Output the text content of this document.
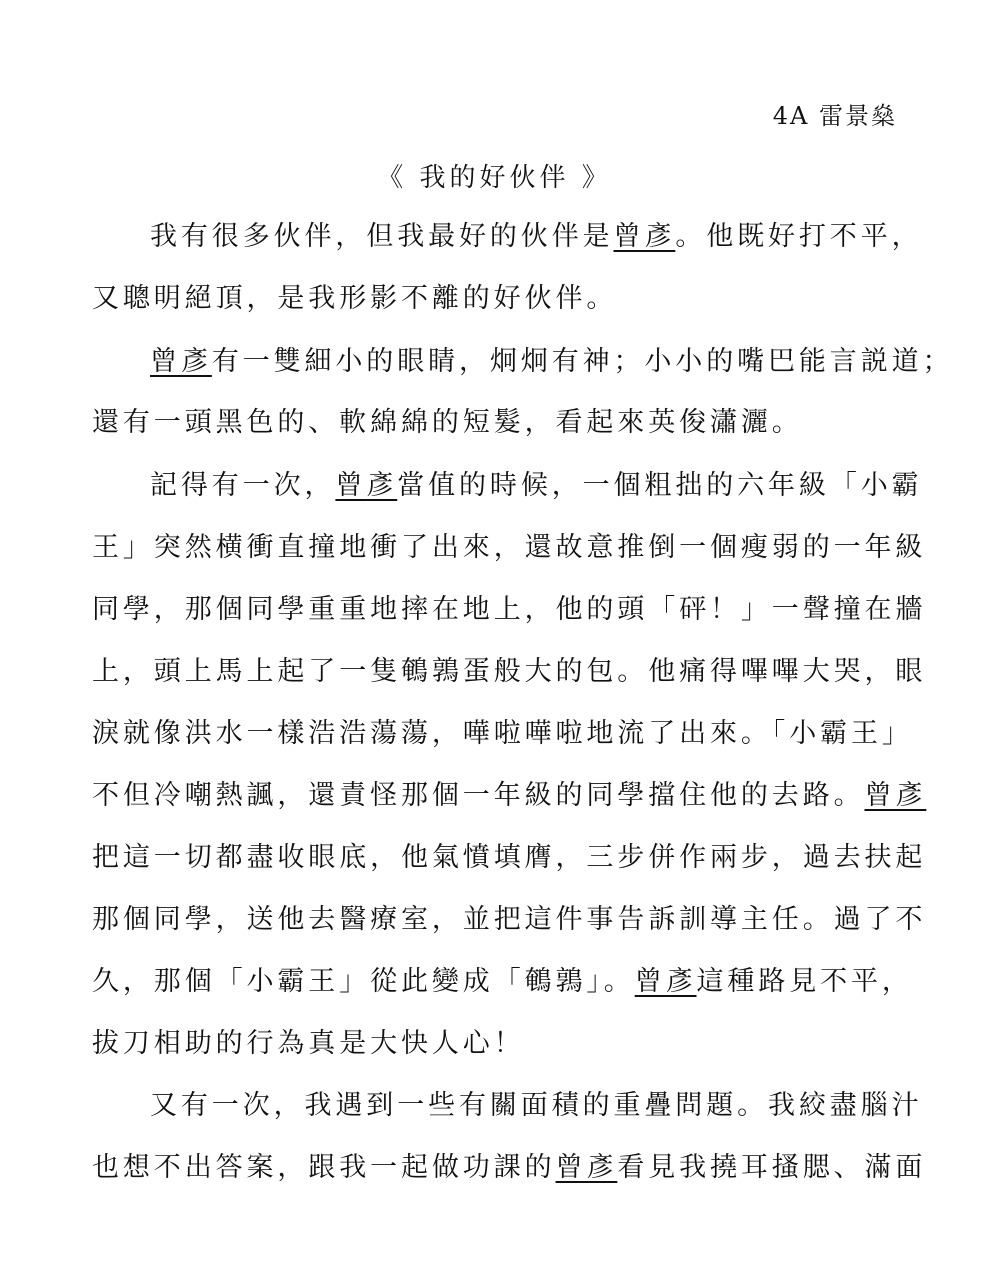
4A 雷景燊
《 我的好伙伴 》
我有很多伙伴，但我最好的伙伴是曾彥。他既好打不平，
又聰明絕頂，是我形影不離的好伙伴。
曾彥有一雙細小的眼睛，炯炯有神；小小的嘴巴能言説道；
還有一頭黑色的、軟綿綿的短髮，看起來英俊瀟灑。
記得有一次，曾彥當值的時候，一個粗拙的六年級「小霸
王」突然横衝直撞地衝了出來，還故意推倒一個瘦弱的一年級
同學，那個同學重重地摔在地上，他的頭「砰！」一聲撞在牆
上，頭上馬上起了一隻鵪鶉蛋般大的包。他痛得嗶嗶大哭，眼
淚就像洪水一樣浩浩蕩蕩，嘩啦嘩啦地流了出來。「小霸王」
不但冷嘲熱諷，還責怪那個一年級的同學擋住他的去路。曾彥
把這一切都盡收眼底，他氣憤填膺，三步併作兩步，過去扶起
那個同學，送他去醫療室，並把這件事告訴訓導主任。過了不
久，那個「小霸王」從此變成「鵪鶉」。曾彥這種路見不平，
拔刀相助的行為真是大快人心！
又有一次，我遇到一些有關面積的重疊問題。我絞盡腦汁
也想不出答案，跟我一起做功課的曾彥看見我撓耳搔腮、滿面
